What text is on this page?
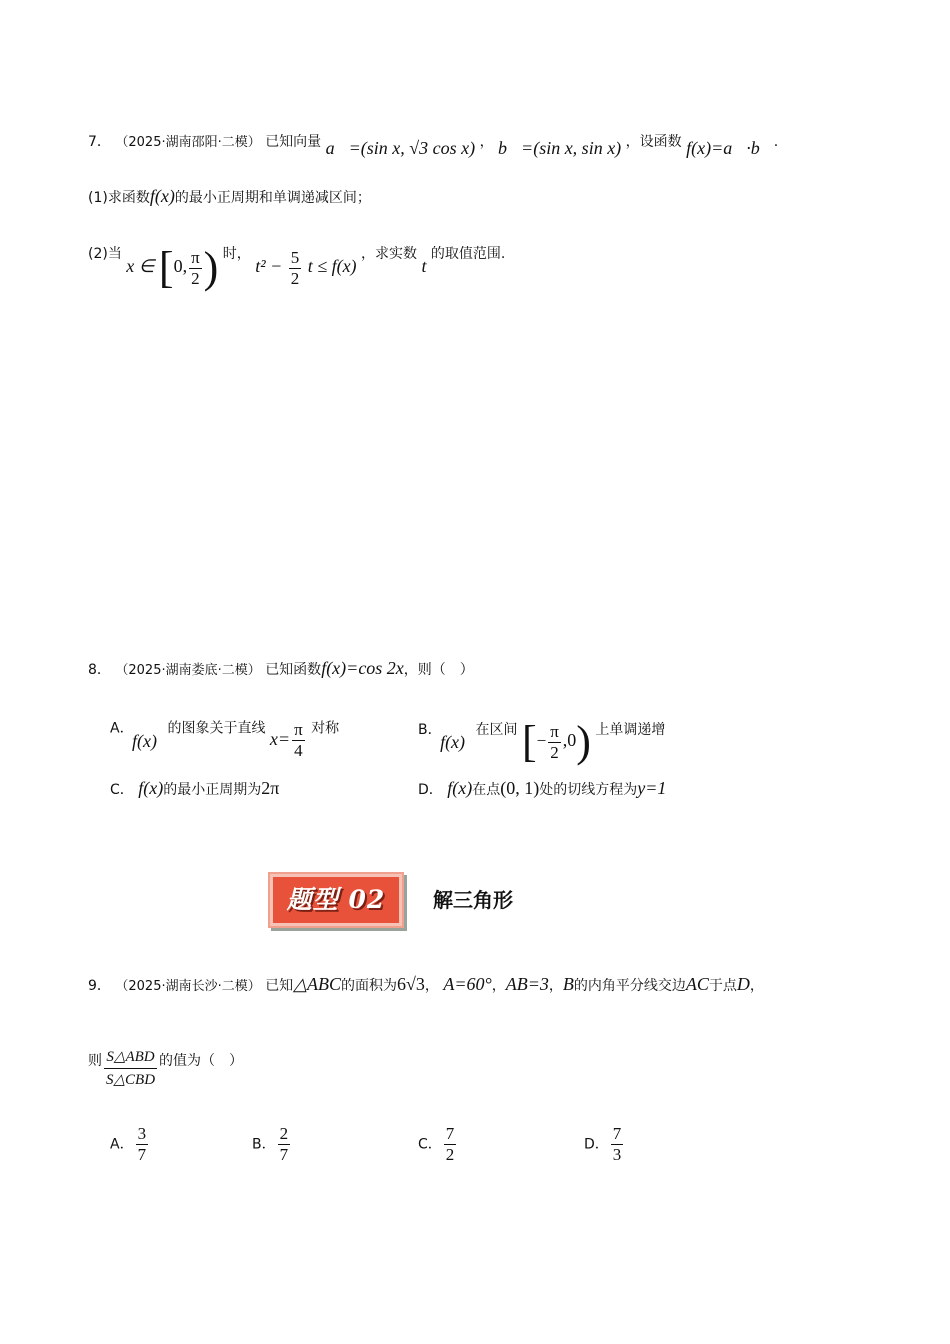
7． （2025·湖南邵阳·二模） 已知向量 a⃗=(sin x, √3 cos x) ， b⃗=(sin x, sin x) ，设函数 f(x)=a⃗·b⃗.
(1)求函数f(x)的最小正周期和单调递减区间；
(2)当 x ∈ [0, $\frac{\pi}{2}$ ) 时， $t^2 - \frac{5}{2}$ t ≤ f(x) ，求实数 t 的取值范围.
8． （2025·湖南娄底·二模） 已知函数f(x)=cos 2x，则（　）
A． f(x) 的图象关于直线 $x= \frac{\pi}{4}$ 对称	B． f(x) 在区间 [− $\frac{\pi}{2} ,0$) 上单调递增
C． f(x)的最小正周期为2π	D． f(x)在点(0, 1)处的切线方程为y=1
题型 02	解三角形
9． （2025·湖南长沙·二模） 已知△ABC的面积为6√3， A=60°，AB=3，B的内角平分线交边AC于点D，
则 $\frac{\text{S△ABD}}{\text{S△CBD}}$ 的值为（　）
A． $\frac{3}{7}$	B． $\frac{2}{7}$	C． $\frac{7}{2}$	D． $\frac{7}{3}$
